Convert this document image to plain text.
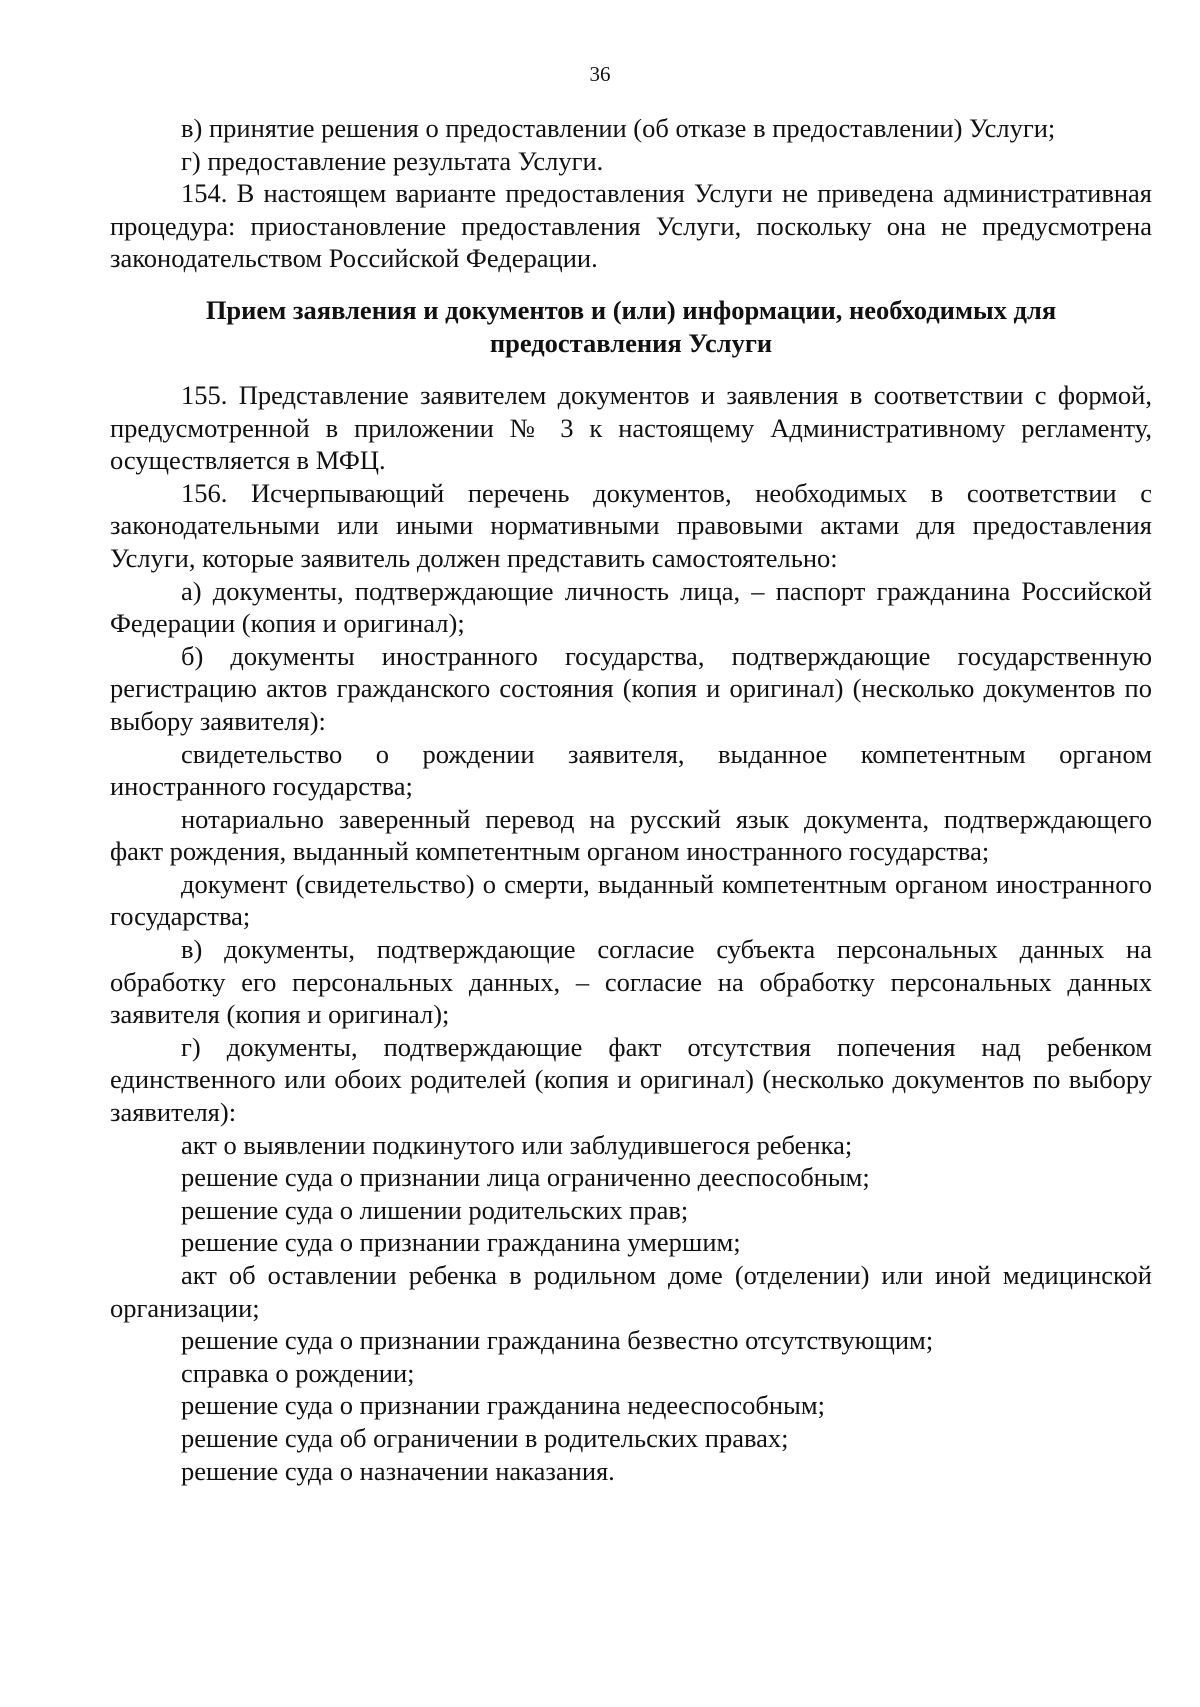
36

в) принятие решения о предоставлении (об отказе в предоставлении) Услуги;

г) предоставление результата Услуги.

154. В настоящем варианте предоставления Услуги не приведена административная процедура: приостановление предоставления Услуги, поскольку она не предусмотрена законодательством Российской Федерации.

Прием заявления и документов и (или) информации, необходимых для предоставления Услуги

155. Представление заявителем документов и заявления в соответствии с формой, предусмотренной в приложении № 3 к настоящему Административному регламенту, осуществляется в МФЦ.

156. Исчерпывающий перечень документов, необходимых в соответствии с законодательными или иными нормативными правовыми актами для предоставления Услуги, которые заявитель должен представить самостоятельно:

а) документы, подтверждающие личность лица, – паспорт гражданина Российской Федерации (копия и оригинал);

б) документы иностранного государства, подтверждающие государственную регистрацию актов гражданского состояния (копия и оригинал) (несколько документов по выбору заявителя):

свидетельство о рождении заявителя, выданное компетентным органом иностранного государства;

нотариально заверенный перевод на русский язык документа, подтверждающего факт рождения, выданный компетентным органом иностранного государства;

документ (свидетельство) о смерти, выданный компетентным органом иностранного государства;

в) документы, подтверждающие согласие субъекта персональных данных на обработку его персональных данных, – согласие на обработку персональных данных заявителя (копия и оригинал);

г) документы, подтверждающие факт отсутствия попечения над ребенком единственного или обоих родителей (копия и оригинал) (несколько документов по выбору заявителя):

акт о выявлении подкинутого или заблудившегося ребенка;

решение суда о признании лица ограниченно дееспособным;

решение суда о лишении родительских прав;

решение суда о признании гражданина умершим;

акт об оставлении ребенка в родильном доме (отделении) или иной медицинской организации;

решение суда о признании гражданина безвестно отсутствующим;

справка о рождении;

решение суда о признании гражданина недееспособным;

решение суда об ограничении в родительских правах;

решение суда о назначении наказания.
